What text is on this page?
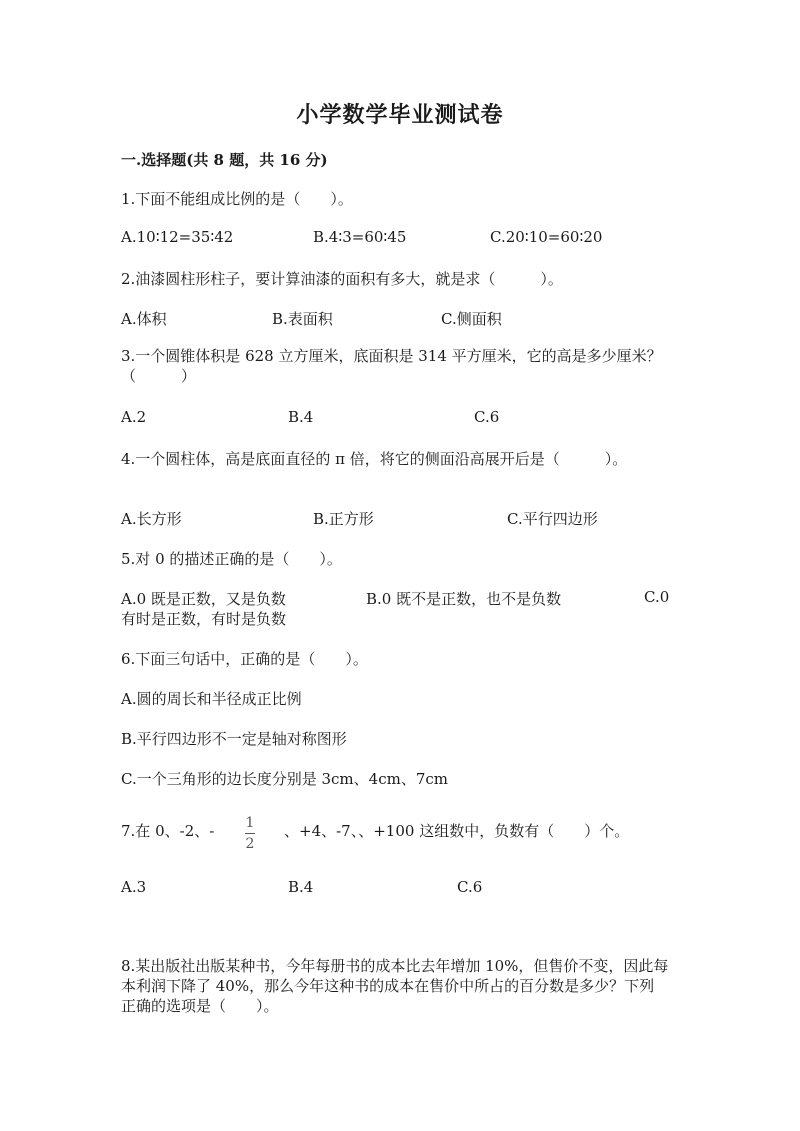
小学数学毕业测试卷
一.选择题(共 8 题，共 16 分)
1.下面不能组成比例的是（　　）。
A.10∶12=35∶42	B.4∶3=60∶45	C.20∶10=60∶20
2.油漆圆柱形柱子，要计算油漆的面积有多大，就是求（　　　）。
A.体积	B.表面积	C.侧面积
3.一个圆锥体积是 628 立方厘米，底面积是 314 平方厘米，它的高是多少厘米？（　　　）
A.2	B.4	C.6
4.一个圆柱体，高是底面直径的 π 倍，将它的侧面沿高展开后是（　　　）。
A.长方形	B.正方形	C.平行四边形
5.对 0 的描述正确的是（　　）。
A.0 既是正数，又是负数	B.0 既不是正数，也不是负数	C.0
有时是正数，有时是负数
6.下面三句话中，正确的是（　　）。
A.圆的周长和半径成正比例
B.平行四边形不一定是轴对称图形
C.一个三角形的边长度分别是 3cm、4cm、7cm
7.在 0、-2、- 1
2
、+4、-7、、+100 这组数中，负数有（　　）个。
A.3	B.4	C.6
8.某出版社出版某种书，今年每册书的成本比去年增加 10%，但售价不变，因此每本利润下降了 40%，那么今年这种书的成本在售价中所占的百分数是多少？下列正确的选项是（　　）。
